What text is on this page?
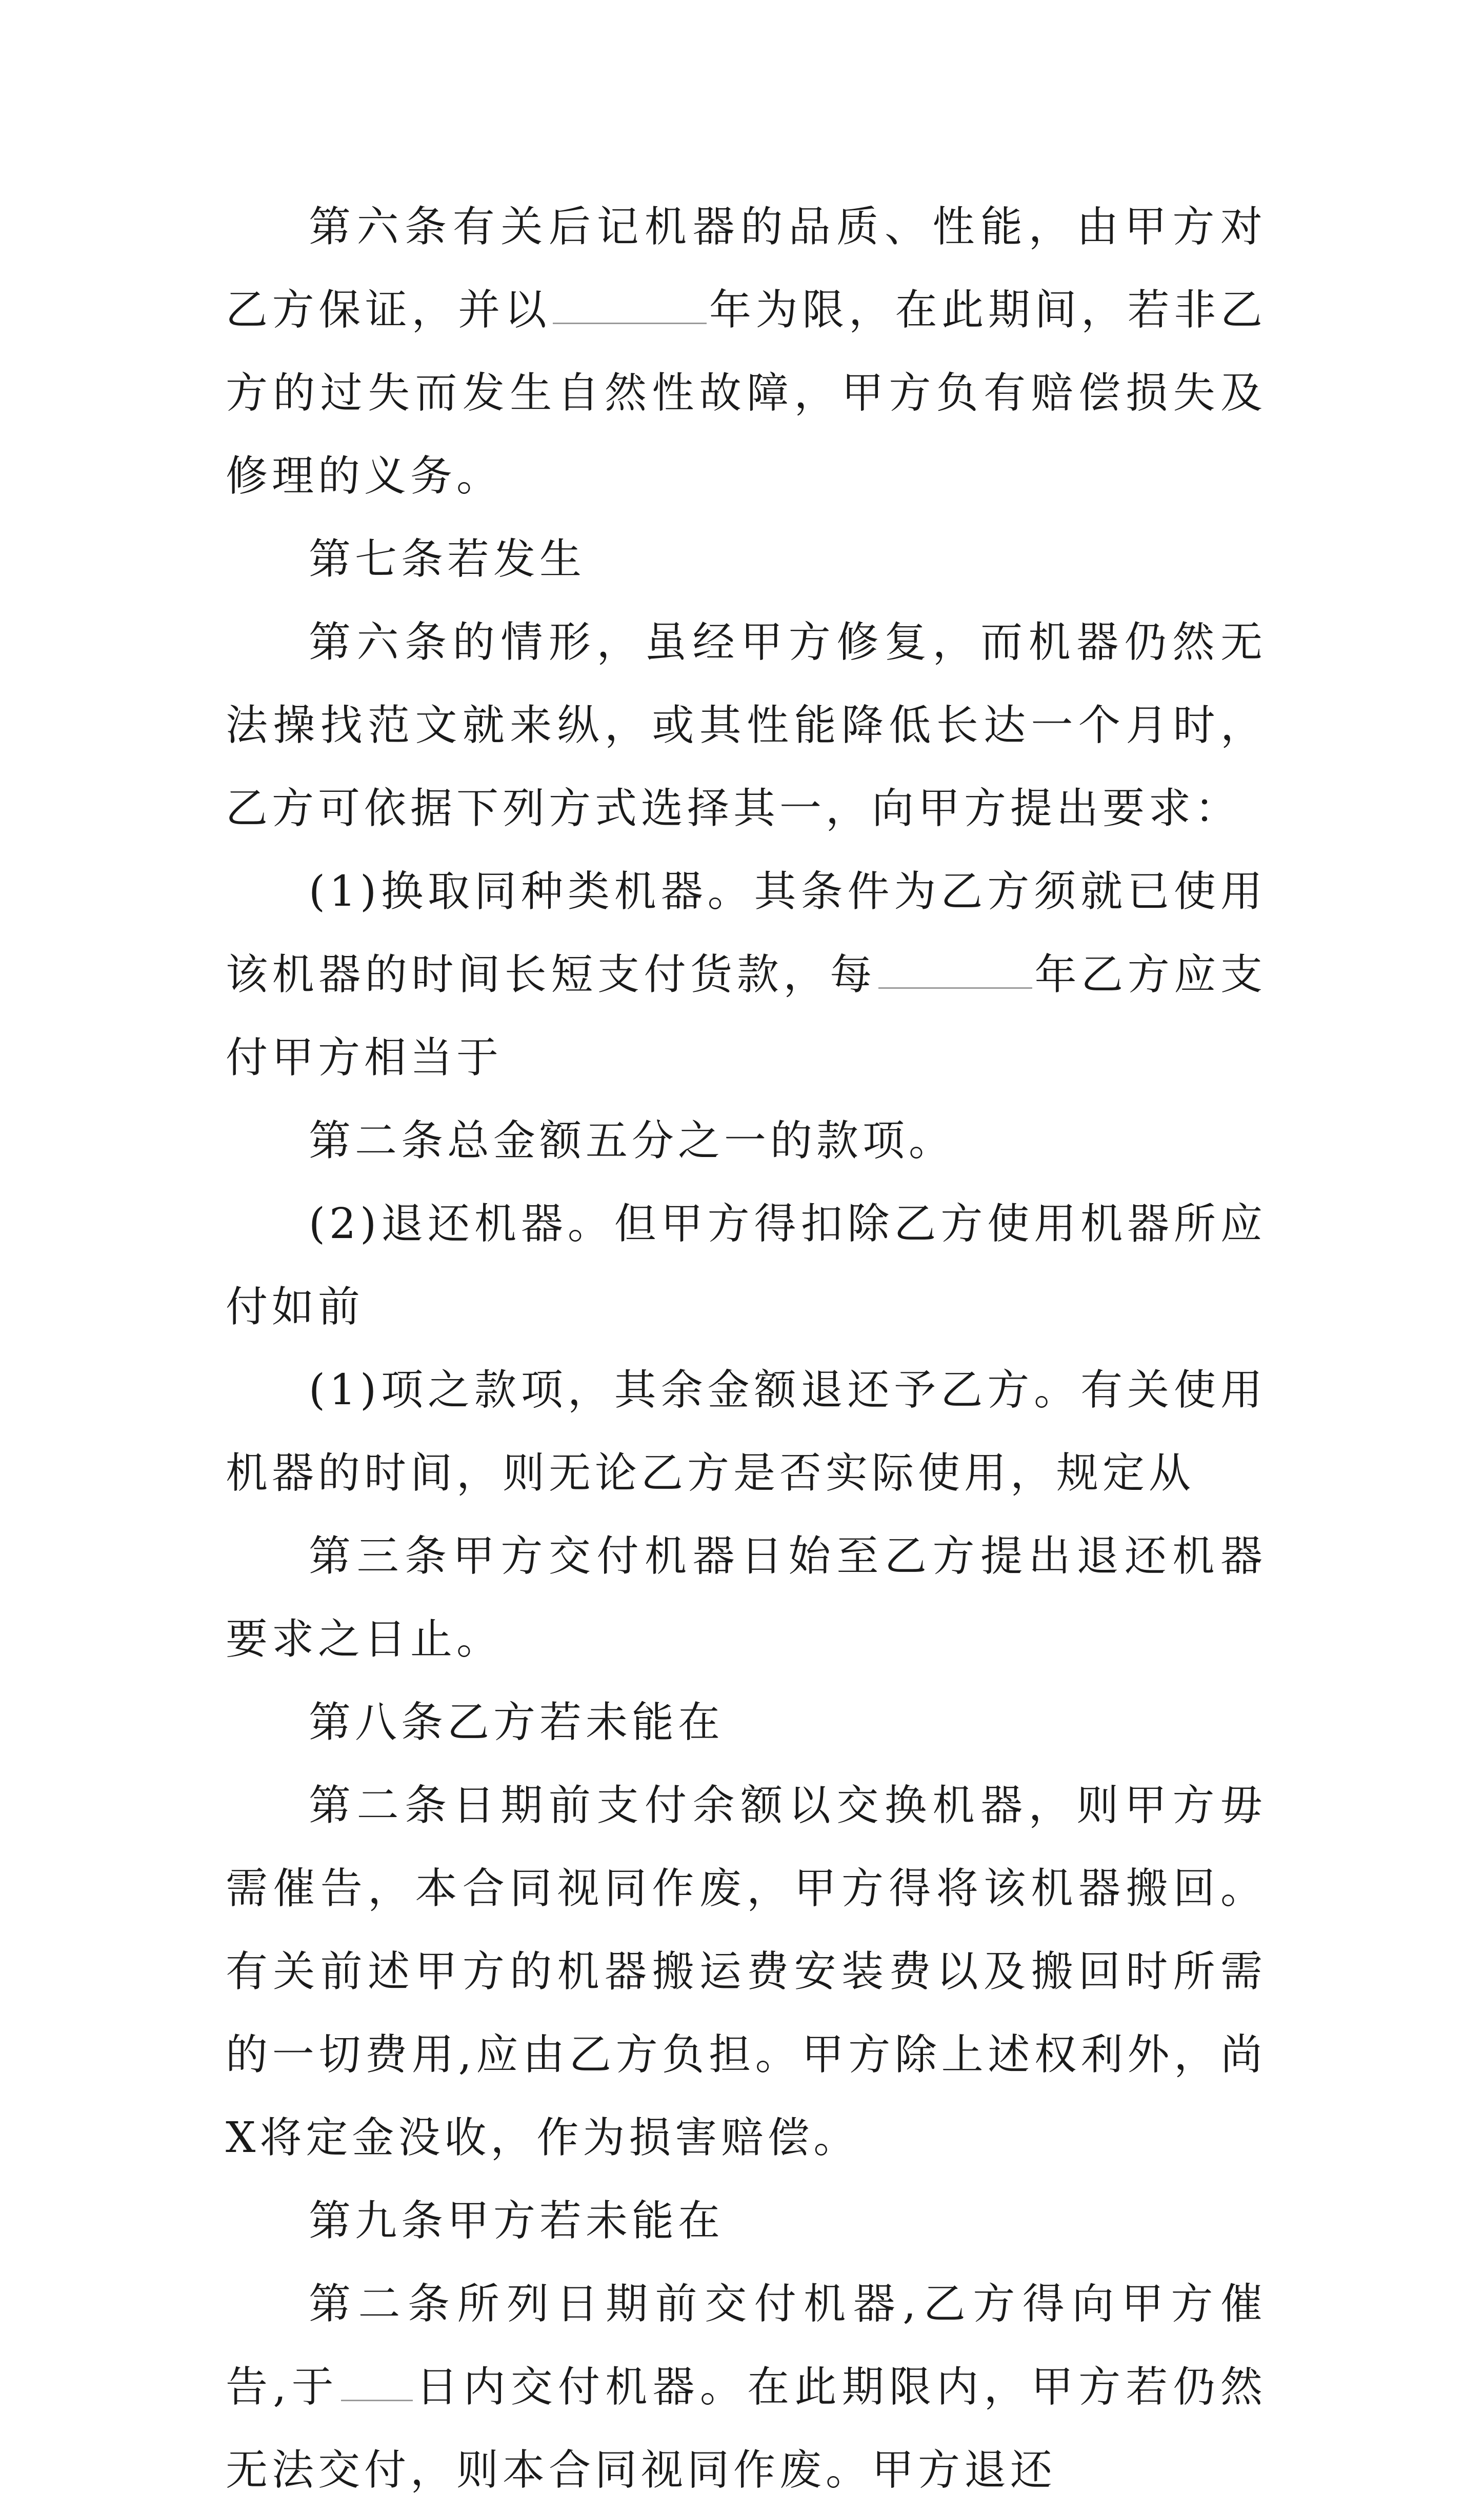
第六条有关后记机器的品质、性能，由甲方对乙方保证，并以	年为限，在此期间，若非乙方的过失而发生自然性故障，甲方负有赔偿损失及修理的义务。

第七条若发生

第六条的情形，虽经甲方修复，而机器仍然无法操找范文就来纵，或其性能降低长达一个月时，乙方可依据下列方式选择其一，向甲方提出要求：

(1)换取同种类机器。其条件为乙方须就已使用该机器的时间长短支付货款，每	年乙方应支付甲方相当于

第二条总金额五分之一的款项。

(2)退还机器。但甲方得扣除乙方使用机器所应付如前

(1)项之款项，其余金额退还予乙方。有关使用机器的时间，则无论乙方是否实际使用，规定从

第三条甲方交付机器日始至乙方提出退还机器要求之日止。

第八条乙方若未能在

第二条日期前支付余额以交换机器，则甲方毋需催告，本合同视同作废，甲方得将该机器搬回。有关前述甲方的机器搬运费安装费以及搬回时所需的一切费用,应由乙方负担。甲方除上述权利外，尚X将定金没收，作为损害赔偿。

第九条甲方若未能在

第二条所列日期前交付机器,乙方得向甲方催告,于 日内交付机器。在此期限内，甲方若仍然无法交付，则本合同视同作废。甲方退还
